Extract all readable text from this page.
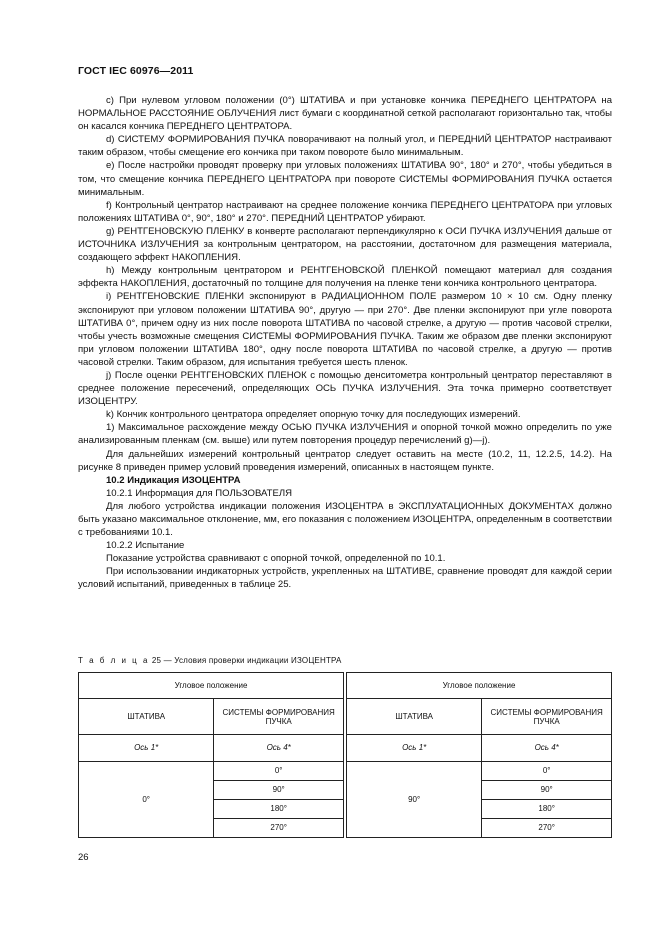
ГОСТ IEC 60976—2011

c) При нулевом угловом положении (0°) ШТАТИВА и при установке кончика ПЕРЕДНЕГО ЦЕНТРАТОРА на НОРМАЛЬНОЕ РАССТОЯНИЕ ОБЛУЧЕНИЯ лист бумаги с координатной сеткой располагают горизонтально так, чтобы он касался кончика ПЕРЕДНЕГО ЦЕНТРАТОРА.

d) СИСТЕМУ ФОРМИРОВАНИЯ ПУЧКА поворачивают на полный угол, и ПЕРЕДНИЙ ЦЕНТРАТОР настраивают таким образом, чтобы смещение его кончика при таком повороте было минимальным.

e) После настройки проводят проверку при угловых положениях ШТАТИВА 90°, 180° и 270°, чтобы убедиться в том, что смещение кончика ПЕРЕДНЕГО ЦЕНТРАТОРА при повороте СИСТЕМЫ ФОРМИРОВАНИЯ ПУЧКА остается минимальным.

f) Контрольный центратор настраивают на среднее положение кончика ПЕРЕДНЕГО ЦЕНТРАТОРА при угловых положениях ШТАТИВА 0°, 90°, 180° и 270°. ПЕРЕДНИЙ ЦЕНТРАТОР убирают.

g) РЕНТГЕНОВСКУЮ ПЛЕНКУ в конверте располагают перпендикулярно к ОСИ ПУЧКА ИЗЛУЧЕНИЯ дальше от ИСТОЧНИКА ИЗЛУЧЕНИЯ за контрольным центратором, на расстоянии, достаточном для размещения материала, создающего эффект НАКОПЛЕНИЯ.

h) Между контрольным центратором и РЕНТГЕНОВСКОЙ ПЛЕНКОЙ помещают материал для создания эффекта НАКОПЛЕНИЯ, достаточный по толщине для получения на пленке тени кончика контрольного центратора.

i) РЕНТГЕНОВСКИЕ ПЛЕНКИ экспонируют в РАДИАЦИОННОМ ПОЛЕ размером 10 × 10 см. Одну пленку экспонируют при угловом положении ШТАТИВА 90°, другую — при 270°. Две пленки экспонируют при угле поворота ШТАТИВА 0°, причем одну из них после поворота ШТАТИВА по часовой стрелке, а другую — против часовой стрелки, чтобы учесть возможные смещения СИСТЕМЫ ФОРМИРОВАНИЯ ПУЧКА. Таким же образом две пленки экспонируют при угловом положении ШТАТИВА 180°, одну после поворота ШТАТИВА по часовой стрелке, а другую — против часовой стрелки. Таким образом, для испытания требуется шесть пленок.

j) После оценки РЕНТГЕНОВСКИХ ПЛЕНОК с помощью денситометра контрольный центратор переставляют в среднее положение пересечений, определяющих ОСЬ ПУЧКА ИЗЛУЧЕНИЯ. Эта точка примерно соответствует ИЗОЦЕНТРУ.

k) Кончик контрольного центратора определяет опорную точку для последующих измерений.

1) Максимальное расхождение между ОСЬЮ ПУЧКА ИЗЛУЧЕНИЯ и опорной точкой можно определить по уже анализированным пленкам (см. выше) или путем повторения процедур перечислений g)—j).

Для дальнейших измерений контрольный центратор следует оставить на месте (10.2, 11, 12.2.5, 14.2). На рисунке 8 приведен пример условий проведения измерений, описанных в настоящем пункте.

10.2 Индикация ИЗОЦЕНТРА

10.2.1 Информация для ПОЛЬЗОВАТЕЛЯ

Для любого устройства индикации положения ИЗОЦЕНТРА в ЭКСПЛУАТАЦИОННЫХ ДОКУМЕНТАХ должно быть указано максимальное отклонение, мм, его показания с положением ИЗОЦЕНТРА, определенным в соответствии с требованиями 10.1.

10.2.2 Испытание

Показание устройства сравнивают с опорной точкой, определенной по 10.1.

При использовании индикаторных устройств, укрепленных на ШТАТИВЕ, сравнение проводят для каждой серии условий испытаний, приведенных в таблице 25.

Т а б л и ц а 25 — Условия проверки индикации ИЗОЦЕНТРА
Угловое положение			Угловое положение	
ШТАТИВА	СИСТЕМЫ ФОРМИРОВАНИЯ ПУЧКА		ШТАТИВА	СИСТЕМЫ ФОРМИРОВАНИЯ ПУЧКА
Ось 1*	Ось 4*		Ось 1*	Ось 4*
0°	0°		90°	0°
	90°			90°
	180°			180°
	270°			270°
26
